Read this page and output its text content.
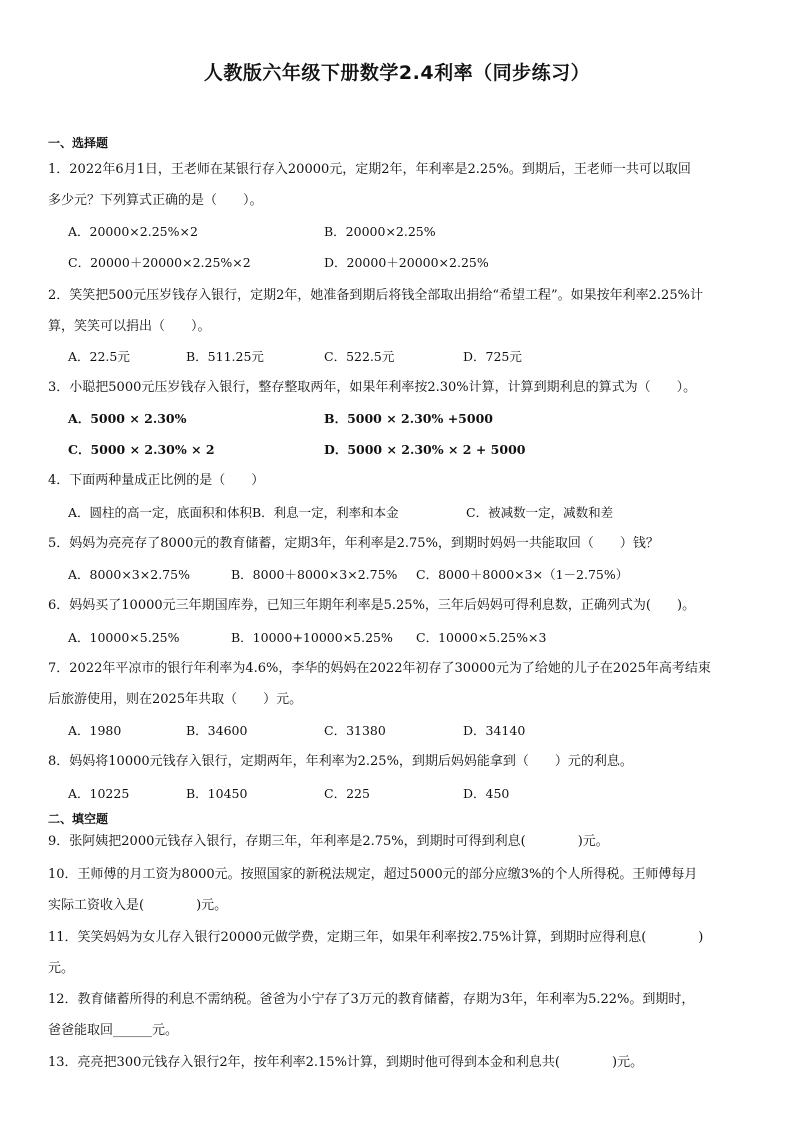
人教版六年级下册数学2.4利率（同步练习）
一、选择题
1．2022年6月1日，王老师在某银行存入20000元，定期2年，年利率是2.25%。到期后，王老师一共可以取回
多少元？下列算式正确的是（　　）。
A．20000×2.25%×2	B．20000×2.25%
C．20000＋20000×2.25%×2	D．20000＋20000×2.25%
2．笑笑把500元压岁钱存入银行，定期2年，她准备到期后将钱全部取出捐给“希望工程”。如果按年利率2.25%计
算，笑笑可以捐出（　　）。
A．22.5元	B．511.25元	C．522.5元	D．725元
3．小聪把5000元压岁钱存入银行，整存整取两年，如果年利率按2.30%计算，计算到期利息的算式为（　　）。
A．5000 × 2.30%	B．5000 × 2.30% +5000
C．5000 × 2.30% × 2	D．5000 × 2.30% × 2 + 5000
4．下面两种量成正比例的是（　　）
A．圆柱的高一定，底面积和体积 B．利息一定，利率和本金	C．被减数一定，减数和差
5．妈妈为亮亮存了8000元的教育储蓄，定期3年，年利率是2.75%，到期时妈妈一共能取回（　　）钱？
A．8000×3×2.75%	B．8000＋8000×3×2.75% C．8000＋8000×3×（1－2.75%）
6．妈妈买了10000元三年期国库券，已知三年期年利率是5.25%，三年后妈妈可得利息数，正确列式为(　　)。
A．10000×5.25%	B．10000+10000×5.25% C．10000×5.25%×3
7．2022年平凉市的银行年利率为4.6%，李华的妈妈在2022年初存了30000元为了给她的儿子在2025年高考结束
后旅游使用，则在2025年共取（　　）元。
A．1980	B．34600	C．31380	D．34140
8．妈妈将10000元钱存入银行，定期两年，年利率为2.25%，到期后妈妈能拿到（　　）元的利息。
A．10225	B．10450	C．225	D．450
二、填空题
9．张阿姨把2000元钱存入银行，存期三年，年利率是2.75%，到期时可得到利息(　　　　)元。
10．王师傅的月工资为8000元。按照国家的新税法规定，超过5000元的部分应缴3%的个人所得税。王师傅每月
实际工资收入是(　　　　)元。
11．笑笑妈妈为女儿存入银行20000元做学费，定期三年，如果年利率按2.75%计算，到期时应得利息(　　　　)
元。
12．教育储蓄所得的利息不需纳税。爸爸为小宁存了3万元的教育储蓄，存期为3年，年利率为5.22%。到期时，
爸爸能取回______元。
13．亮亮把300元钱存入银行2年，按年利率2.15%计算，到期时他可得到本金和利息共(　　　　)元。
